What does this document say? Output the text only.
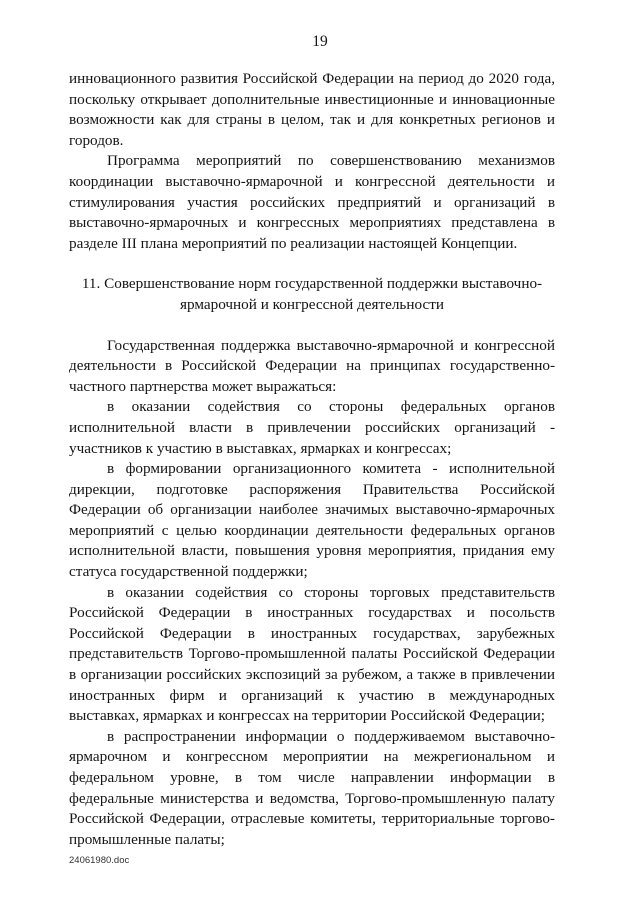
19

инновационного развития Российской Федерации на период до 2020 года, поскольку открывает дополнительные инвестиционные и инновационные возможности как для страны в целом, так и для конкретных регионов и городов.

Программа мероприятий по совершенствованию механизмов координации выставочно-ярмарочной и конгрессной деятельности и стимулирования участия российских предприятий и организаций в выставочно-ярмарочных и конгрессных мероприятиях представлена в разделе III плана мероприятий по реализации настоящей Концепции.

11. Совершенствование норм государственной поддержки выставочно-ярмарочной и конгрессной деятельности

Государственная поддержка выставочно-ярмарочной и конгрессной деятельности в Российской Федерации на принципах государственно-частного партнерства может выражаться:

в оказании содействия со стороны федеральных органов исполнительной власти в привлечении российских организаций - участников к участию в выставках, ярмарках и конгрессах;

в формировании организационного комитета - исполнительной дирекции, подготовке распоряжения Правительства Российской Федерации об организации наиболее значимых выставочно-ярмарочных мероприятий с целью координации деятельности федеральных органов исполнительной власти, повышения уровня мероприятия, придания ему статуса государственной поддержки;

в оказании содействия со стороны торговых представительств Российской Федерации в иностранных государствах и посольств Российской Федерации в иностранных государствах, зарубежных представительств Торгово-промышленной палаты Российской Федерации в организации российских экспозиций за рубежом, а также в привлечении иностранных фирм и организаций к участию в международных выставках, ярмарках и конгрессах на территории Российской Федерации;

в распространении информации о поддерживаемом выставочно-ярмарочном и конгрессном мероприятии на межрегиональном и федеральном уровне, в том числе направлении информации в федеральные министерства и ведомства, Торгово-промышленную палату Российской Федерации, отраслевые комитеты, территориальные торгово-промышленные палаты;

24061980.doc
